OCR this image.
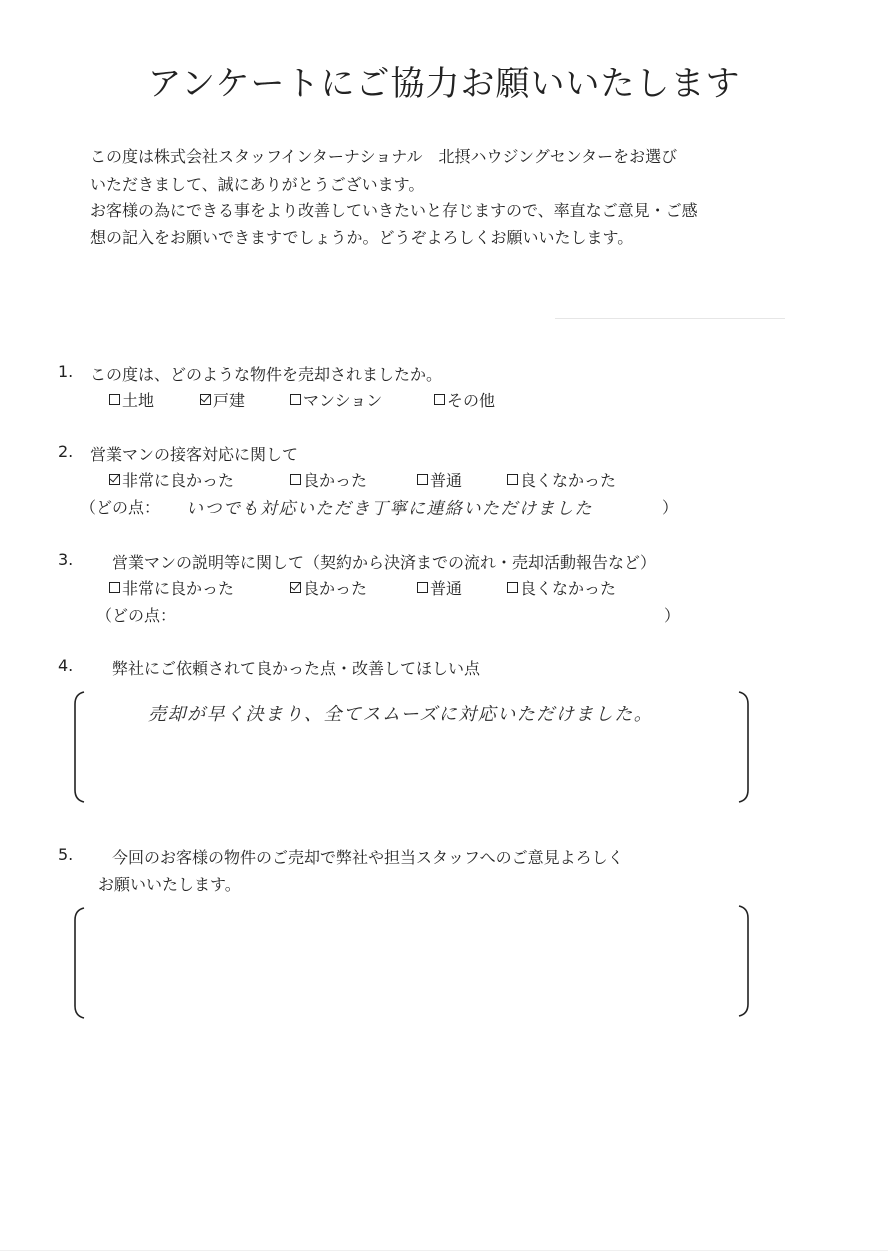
アンケートにご協力お願いいたします
この度は株式会社スタッフインターナショナル　北摂ハウジングセンターをお選び
いただきまして、誠にありがとうございます。
お客様の為にできる事をより改善していきたいと存じますので、率直なご意見・ご感
想の記入をお願いできますでしょうか。どうぞよろしくお願いいたします。
1. この度は、どのような物件を売却されましたか。
土地	戸建	マンション	その他
2. 営業マンの接客対応に関して
非常に良かった	良かった	普通	良くなかった
（どの点： いつでも対応いただき丁寧に連絡いただけました	）
3. 営業マンの説明等に関して（契約から決済までの流れ・売却活動報告など）
非常に良かった	良かった	普通	良くなかった
（どの点：	）
4. 弊社にご依頼されて良かった点・改善してほしい点
売却が早く決まり、全てスムーズに対応いただけました。
5. 今回のお客様の物件のご売却で弊社や担当スタッフへのご意見よろしく
お願いいたします。
